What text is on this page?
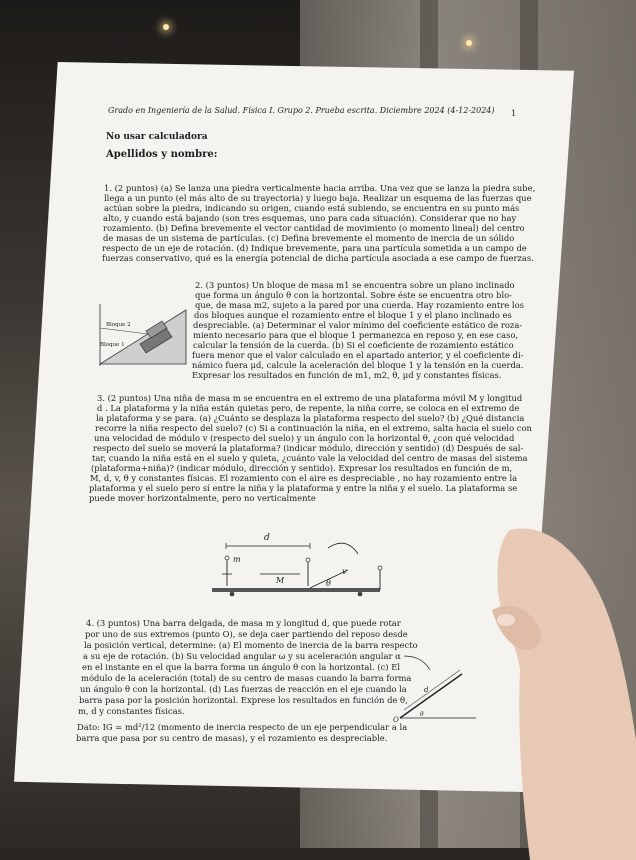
Grado en Ingeniería de la Salud. Física I. Grupo 2. Prueba escrita. Diciembre 2024 (4-12-2024) 1
No usar calculadora
Apellidos y nombre:
1. (2 puntos) (a) Se lanza una piedra verticalmente hacia arriba. Una vez que se lanza la piedra sube,
llega a un punto (el más alto de su trayectoria) y luego baja. Realizar un esquema de las fuerzas que
actúan sobre la piedra, indicando su origen, cuando está subiendo, se encuentra en su punto más
alto, y cuando está bajando (son tres esquemas, uno para cada situación). Considerar que no hay
rozamiento. (b) Defina brevemente el vector cantidad de movimiento (o momento lineal) del centro
de masas de un sistema de partículas. (c) Defina brevemente el momento de inercia de un sólido
respecto de un eje de rotación. (d) Indique brevemente, para una partícula sometida a un campo de
fuerzas conservativo, qué es la energía potencial de dicha partícula asociada a ese campo de fuerzas.
2. (3 puntos) Un bloque de masa m1 se encuentra sobre un plano inclinado
que forma un ángulo θ con la horizontal. Sobre éste se encuentra otro blo-
que, de masa m2, sujeto a la pared por una cuerda. Hay rozamiento entre los
dos bloques aunque el rozamiento entre el bloque 1 y el plano inclinado es
despreciable. (a) Determinar el valor mínimo del coeficiente estático de roza-
miento necesario para que el bloque 1 permanezca en reposo y, en ese caso,
calcular la tensión de la cuerda. (b) Si el coeficiente de rozamiento estático
fuera menor que el valor calculado en el apartado anterior, y el coeficiente di-
námico fuera μd, calcule la aceleración del bloque 1 y la tensión en la cuerda.
Expresar los resultados en función de m1, m2, θ, μd y constantes físicas.
Bloque 2
Bloque 1
3. (2 puntos) Una niña de masa m se encuentra en el extremo de una plataforma móvil M y longitud
d . La plataforma y la niña están quietas pero, de repente, la niña corre, se coloca en el extremo de
la plataforma y se para. (a) ¿Cuánto se desplaza la plataforma respecto del suelo? (b) ¿Qué distancia
recorre la niña respecto del suelo? (c) Si a continuación la niña, en el extremo, salta hacia el suelo con
una velocidad de módulo v (respecto del suelo) y un ángulo con la horizontal θ, ¿con qué velocidad
respecto del suelo se moverá la plataforma? (indicar módulo, dirección y sentido) (d) Después de sal-
tar, cuando la niña está en el suelo y quieta, ¿cuánto vale la velocidad del centro de masas del sistema
(plataforma+niña)? (indicar módulo, dirección y sentido). Expresar los resultados en función de m,
M, d, v, θ y constantes físicas. El rozamiento con el aire es despreciable , no hay rozamiento entre la
plataforma y el suelo pero sí entre la niña y la plataforma y entre la niña y el suelo. La plataforma se
puede mover horizontalmente, pero no verticalmente
d
m
M
v
θ
4. (3 puntos) Una barra delgada, de masa m y longitud d, que puede rotar
por uno de sus extremos (punto O), se deja caer partiendo del reposo desde
la posición vertical, determine: (a) El momento de inercia de la barra respecto
a su eje de rotación. (b) Su velocidad angular ω y su aceleración angular α
en el instante en el que la barra forma un ángulo θ con la horizontal. (c) El
módulo de la aceleración (total) de su centro de masas cuando la barra forma
un ángulo θ con la horizontal. (d) Las fuerzas de reacción en el eje cuando la
barra pasa por la posición horizontal. Exprese los resultados en función de θ,
m, d y constantes físicas.
Dato: IG = md²/12 (momento de inercia respecto de un eje perpendicular a la
barra que pasa por su centro de masas), y el rozamiento es despreciable.
d
O
θ
